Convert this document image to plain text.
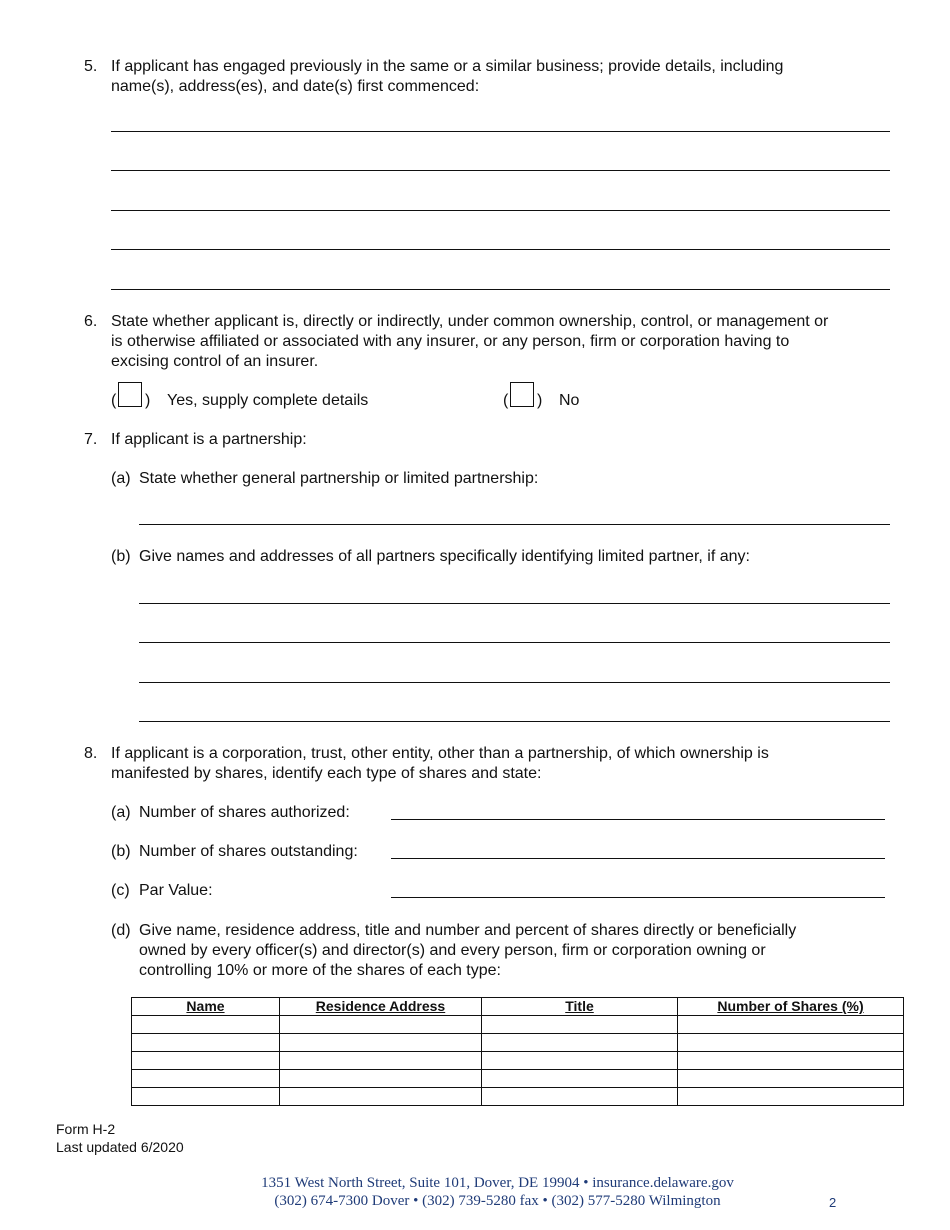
5. If applicant has engaged previously in the same or a similar business; provide details, including
name(s), address(es), and date(s) first commenced:
6. State whether applicant is, directly or indirectly, under common ownership, control, or management or
is otherwise affiliated or associated with any insurer, or any person, firm or corporation having to
excising control of an insurer.
( ) Yes, supply complete details	( ) No
7. If applicant is a partnership:
(a) State whether general partnership or limited partnership:
(b) Give names and addresses of all partners specifically identifying limited partner, if any:
8. If applicant is a corporation, trust, other entity, other than a partnership, of which ownership is
manifested by shares, identify each type of shares and state:
(a) Number of shares authorized:
(b) Number of shares outstanding:
(c) Par Value:
(d) Give name, residence address, title and number and percent of shares directly or beneficially
owned by every officer(s) and director(s) and every person, firm or corporation owning or
controlling 10% or more of the shares of each type:
Name	Residence Address	Title	Number of Shares (%)

Form H-2
Last updated 6/2020
1351 West North Street, Suite 101, Dover, DE 19904 • insurance.delaware.gov
(302) 674-7300 Dover • (302) 739-5280 fax • (302) 577-5280 Wilmington	2
